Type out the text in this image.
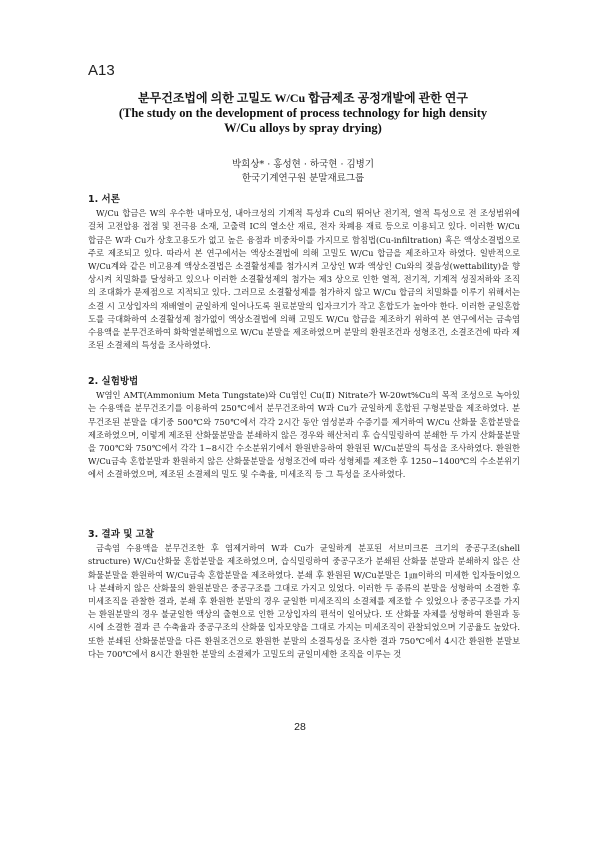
A13
분무건조법에 의한 고밀도 W/Cu 합금제조 공정개발에 관한 연구
(The study on the development of process technology for high density
W/Cu alloys by spray drying)
박희상* · 홍성현 · 하국현 · 김병기
한국기계연구원 분말재료그룹
1. 서론

W/Cu 합금은 W의 우수한 내마모성, 내아크성의 기계적 특성과 Cu의 뛰어난 전기적, 열적 특성으로 전 조성범위에 걸쳐 고전압용 접점 및 전극용 소재, 고출력 IC의 열소산 재료, 전자 차폐용 재료 등으로 이용되고 있다. 이러한 W/Cu 합금은 W과 Cu가 상호고용도가 없고 높은 융점과 비중차이를 가지므로 함침법(Cu-infiltration) 혹은 액상소결법으로 주로 제조되고 있다. 따라서 본 연구에서는 액상소결법에 의해 고밀도 W/Cu 합금을 제조하고자 하였다. 일반적으로 W/Cu계와 같은 비고용계 액상소결법은 소결활성제를 첨가시켜 고상인 W과 액상인 Cu와의 젖음성(wettability)을 향상시켜 치밀화를 달성하고 있으나 이러한 소결활성제의 첨가는 제3 상으로 인한 열적, 전기적, 기계적 성질저하와 조직의 조대화가 문제점으로 지적되고 있다. 그러므로 소결활성제를 첨가하지 않고 W/Cu 합금의 치밀화를 이루기 위해서는 소결 시 고상입자의 재배열이 균일하게 일어나도록 원료분말의 입자크기가 작고 혼합도가 높아야 한다. 이러한 균일혼합도를 극대화하여 소결활성제 첨가없이 액상소결법에 의해 고밀도 W/Cu 합금을 제조하기 위하여 본 연구에서는 금속염 수용액을 분무건조하여 화학열분해법으로 W/Cu 분말을 제조하였으며 분말의 환원조건과 성형조건, 소결조건에 따라 제조된 소결체의 특성을 조사하였다.

2. 실험방법

W염인 AMT(Ammonium Meta Tungstate)와 Cu염인 Cu(Ⅱ) Nitrate가 W-20wt%Cu의 목적 조성으로 녹아있는 수용액을 분무건조기를 이용하여 250℃에서 분무건조하여 W과 Cu가 균일하게 혼합된 구형분말을 제조하였다. 분무건조된 분말을 대기중 500℃와 750℃에서 각각 2시간 동안 염성분과 수증기를 제거하여 W/Cu 산화물 혼합분말을 제조하였으며, 이렇게 제조된 산화물분말을 분쇄하지 않은 경우와 해산처리 후 습식밀링하여 분쇄한 두 가지 산화물분말을 700℃와 750℃에서 각각 1~8시간 수소분위기에서 환원반응하여 환원된 W/Cu분말의 특성을 조사하였다. 환원한 W/Cu금속 혼합분말과 환원하지 않은 산화물분말을 성형조건에 따라 성형체를 제조한 후 1250~1400℃의 수소분위기에서 소결하였으며, 제조된 소결체의 밀도 및 수축율, 미세조직 등 그 특성을 조사하였다.

3. 결과 및 고찰

금속염 수용액을 분무건조한 후 염제거하여 W과 Cu가 균일하게 분포된 서브미크론 크기의 중공구조(shell structure) W/Cu산화물 혼합분말을 제조하였으며, 습식밀링하여 중공구조가 분쇄된 산화물 분말과 분쇄하지 않은 산화물분말을 환원하여 W/Cu금속 혼합분말을 제조하였다. 분쇄 후 환원된 W/Cu분말은 1㎛이하의 미세한 입자들이었으나 분쇄하지 않은 산화물의 환원분말은 중공구조를 그대로 가지고 있었다. 이러한 두 종류의 분말을 성형하여 소결한 후 미세조직을 관찰한 결과, 분쇄 후 환원한 분말의 경우 균일한 미세조직의 소결체를 제조할 수 있었으나 중공구조를 가지는 환원분말의 경우 불균일한 액상의 출현으로 인한 고상입자의 편석이 일어났다. 또 산화물 자체를 성형하여 환원과 동시에 소결한 결과 큰 수축율과 중공구조의 산화물 입자모양을 그대로 가지는 미세조직이 관찰되었으며 기공율도 높았다. 또한 분쇄된 산화물분말을 다른 환원조건으로 환원한 분말의 소결특성을 조사한 결과 750℃에서 4시간 환원한 분말보다는 700℃에서 8시간 환원한 분말의 소결체가 고밀도의 균일미세한 조직을 이루는 것

28
